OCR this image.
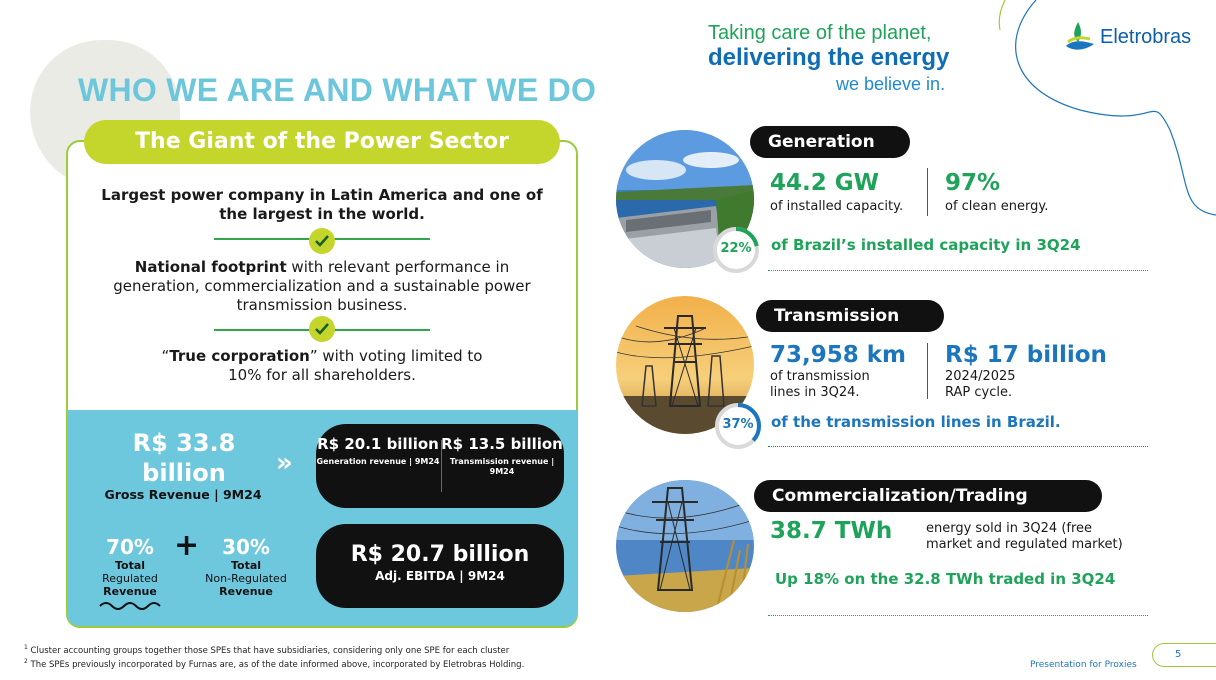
WHO WE ARE AND WHAT WE DO
Taking care of the planet,
delivering the energy
we believe in.
Eletrobras
The Giant of the Power Sector
Largest power company in Latin America and one of the largest in the world.
National footprint with relevant performance in generation, commercialization and a sustainable power transmission business.
“True corporation” with voting limited to 10% for all shareholders.
R$ 33.8 billion
Gross Revenue | 9M24
»
R$ 20.1 billion
Generation revenue | 9M24
R$ 13.5 billion
Transmission revenue | 9M24
70%
Total
Regulated
Revenue
+	30%
Total
Non-Regulated
Revenue
R$ 20.7 billion
Adj. EBITDA | 9M24
$^1$ Cluster accounting groups together those SPEs that have subsidiaries, considering only one SPE for each cluster
$^2$ The SPEs previously incorporated by Furnas are, as of the date informed above, incorporated by Eletrobras Holding.
22%
Generation
44.2 GW
of installed capacity.
97%
of clean energy.
of Brazil’s installed capacity in 3Q24
37%
Transmission
73,958 km
of transmission
lines in 3Q24.
R$ 17 billion
2024/2025
RAP cycle.
of the transmission lines in Brazil.
Commercialization/Trading
38.7 TWh	energy sold in 3Q24 (free
market and regulated market)
Up 18% on the 32.8 TWh traded in 3Q24
Presentation for Proxies
5
